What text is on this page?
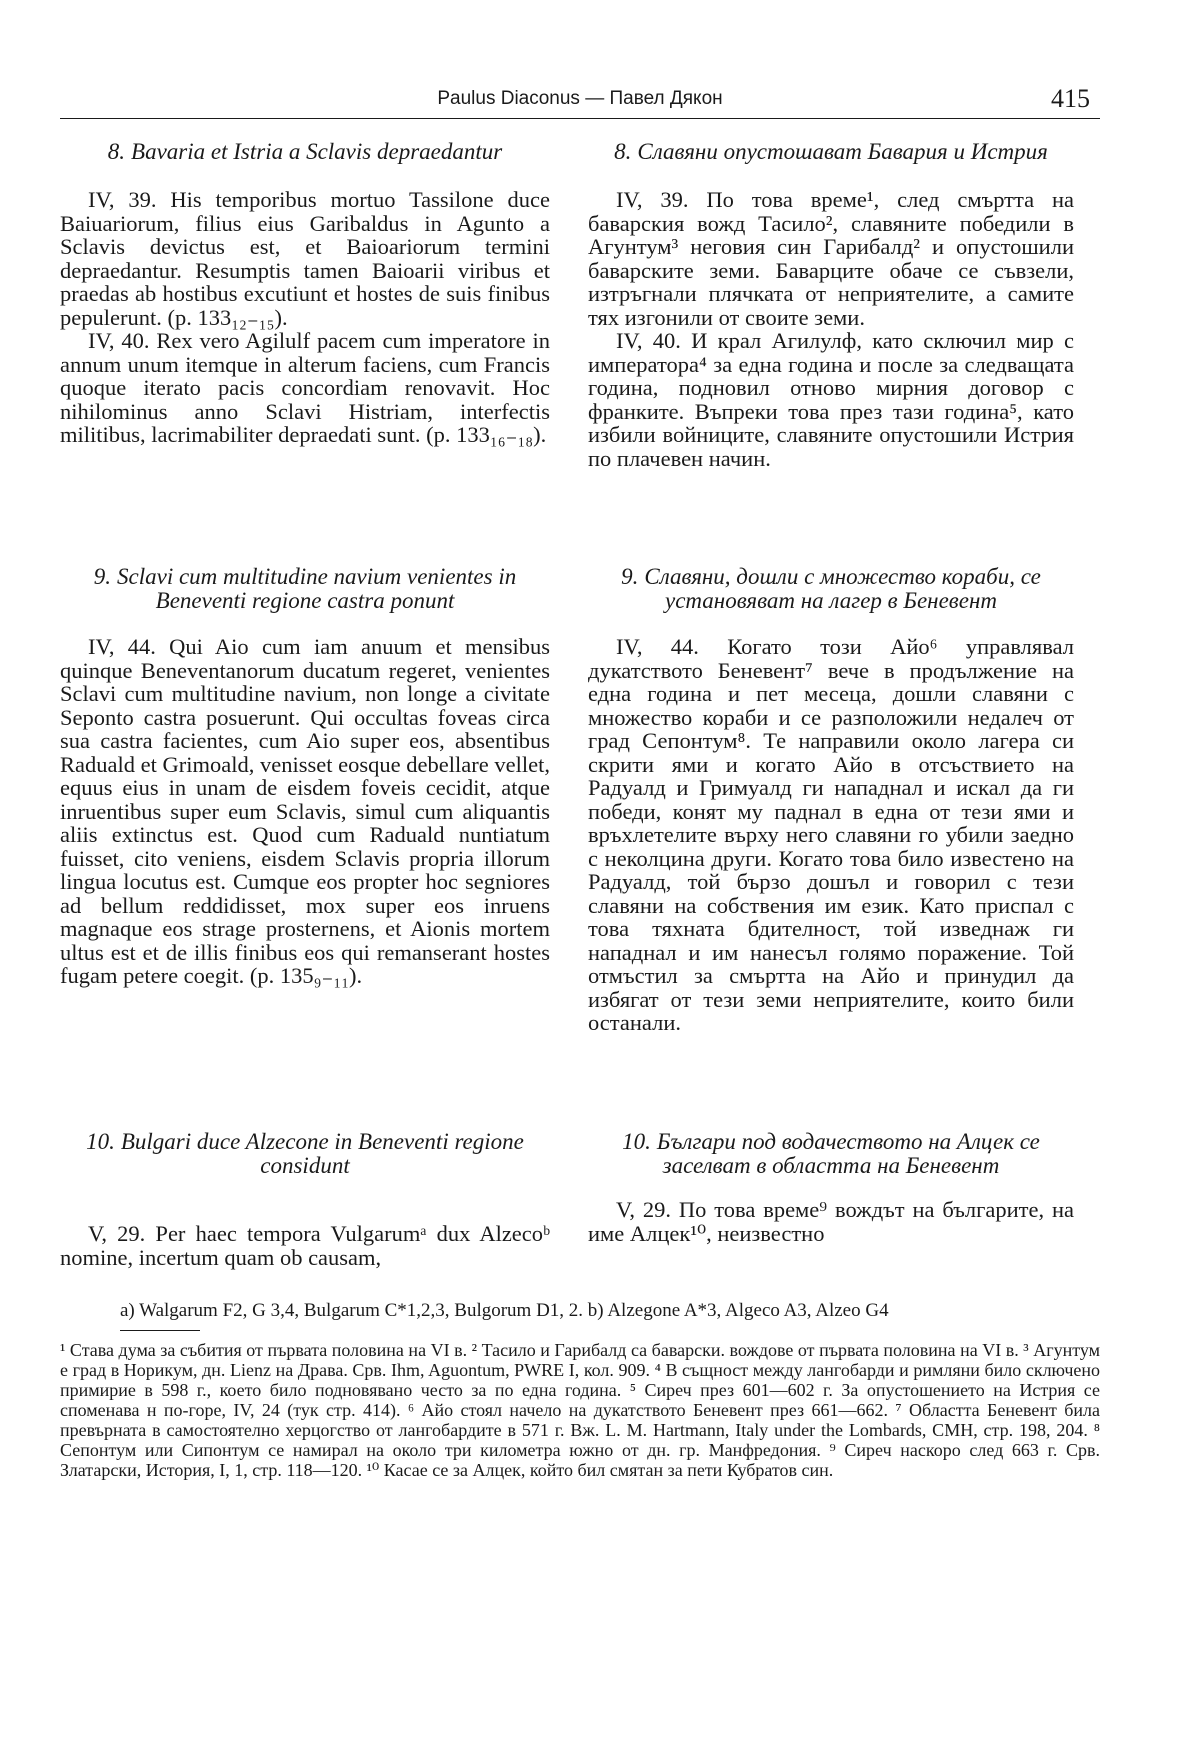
Paulus Diaconus — Павел Дякон	415
8. Bavaria et Istria a Sclavis depraedantur

IV, 39. His temporibus mortuo Tassilone duce Baiuariorum, filius eius Garibaldus in Agunto a Sclavis devictus est, et Baioariorum termini depraedantur. Resumptis tamen Baioarii viribus et praedas ab hostibus excutiunt et hostes de suis finibus pepulerunt. (p. 133₁₂₋₁₅).

IV, 40. Rex vero Agilulf pacem cum imperatore in annum unum itemque in alterum faciens, cum Francis quoque iterato pacis concordiam renovavit. Hoc nihilominus anno Sclavi Histriam, interfectis militibus, lacrimabiliter depraedati sunt. (p. 133₁₆₋₁₈).

9. Sclavi cum multitudine navium venientes in Beneventi regione castra ponunt

IV, 44. Qui Aio cum iam anuum et mensibus quinque Beneventanorum ducatum regeret, venientes Sclavi cum multitudine navium, non longe a civitate Seponto castra posuerunt. Qui occultas foveas circa sua castra facientes, cum Aio super eos, absentibus Raduald et Grimoald, venisset eosque debellare vellet, equus eius in unam de eisdem foveis cecidit, atque inruentibus super eum Sclavis, simul cum aliquantis aliis extinctus est. Quod cum Raduald nuntiatum fuisset, cito veniens, eisdem Sclavis propria illorum lingua locutus est. Cumque eos propter hoc segniores ad bellum reddidisset, mox super eos inruens magnaque eos strage prosternens, et Aionis mortem ultus est et de illis finibus eos qui remanserant hostes fugam petere coegit. (p. 135₉₋₁₁).

10. Bulgari duce Alzecone in Beneventi regione considunt

V, 29. Per haec tempora Vulgarumᵃ dux Alzecoᵇ nomine, incertum quam ob causam,

8. Славяни опустошават Бавария и Истрия

IV, 39. По това време¹, след смъртта на баварския вожд Тасило², славяните победили в Агунтум³ неговия син Гарибалд² и опустошили баварските земи. Баварците обаче се съвзели, изтръгнали плячката от неприятелите, а самите тях изгонили от своите земи.

IV, 40. И крал Агилулф, като сключил мир с императора⁴ за една година и после за следващата година, подновил отново мирния договор с франките. Въпреки това през тази година⁵, като избили войниците, славяните опустошили Истрия по плачевен начин.

9. Славяни, дошли с множество кораби, се установяват на лагер в Беневент

IV, 44. Когато този Айо⁶ управлявал дукатството Беневент⁷ вече в продължение на една година и пет месеца, дошли славяни с множество кораби и се разположили недалеч от град Сепонтум⁸. Те направили около лагера си скрити ями и когато Айо в отсъствието на Радуалд и Гримуалд ги нападнал и искал да ги победи, конят му паднал в една от тези ями и връхлетелите върху него славяни го убили заедно с неколцина други. Когато това било известено на Радуалд, той бързо дошъл и говорил с тези славяни на собствения им език. Като приспал с това тяхната бдителност, той изведнаж ги нападнал и им нанесъл голямо поражение. Той отмъстил за смъртта на Айо и принудил да избягат от тези земи неприятелите, които били останали.

10. Българи под водачеството на Алцек се заселват в областта на Беневент

V, 29. По това време⁹ вождът на българите, на име Алцек¹⁰, неизвестно

a) Walgarum F2, G 3,4, Bulgarum C*1,2,3, Bulgorum D1, 2. b) Alzegone A*3, Algeco A3, Alzeo G4
¹ Става дума за събития от първата половина на VI в. ² Тасило и Гарибалд са баварски. вождове от първата половина на VI в. ³ Агунтум е град в Норикум, дн. Lienz на Драва. Срв. Ihm, Aguontum, PWRE I, кол. 909. ⁴ В същност между лангобарди и римляни било сключено примирие в 598 г., което било подновявано често за по една година. ⁵ Сиреч през 601—602 г. За опустошението на Истрия се споменава н по-горе, IV, 24 (тук стр. 414). ⁶ Айо стоял начело на дукатството Беневент през 661—662. ⁷ Областта Беневент била превърната в самостоятелно херцогство от лангобардите в 571 г. Вж. L. M. Hartmann, Italy under the Lombards, CMH, стр. 198, 204. ⁸ Сепонтум или Сипонтум се намирал на около три километра южно от дн. гр. Манфредония. ⁹ Сиреч наскоро след 663 г. Срв. Златарски, История, I, 1, стр. 118—120. ¹⁰ Касае се за Алцек, който бил смятан за пети Кубратов син.
